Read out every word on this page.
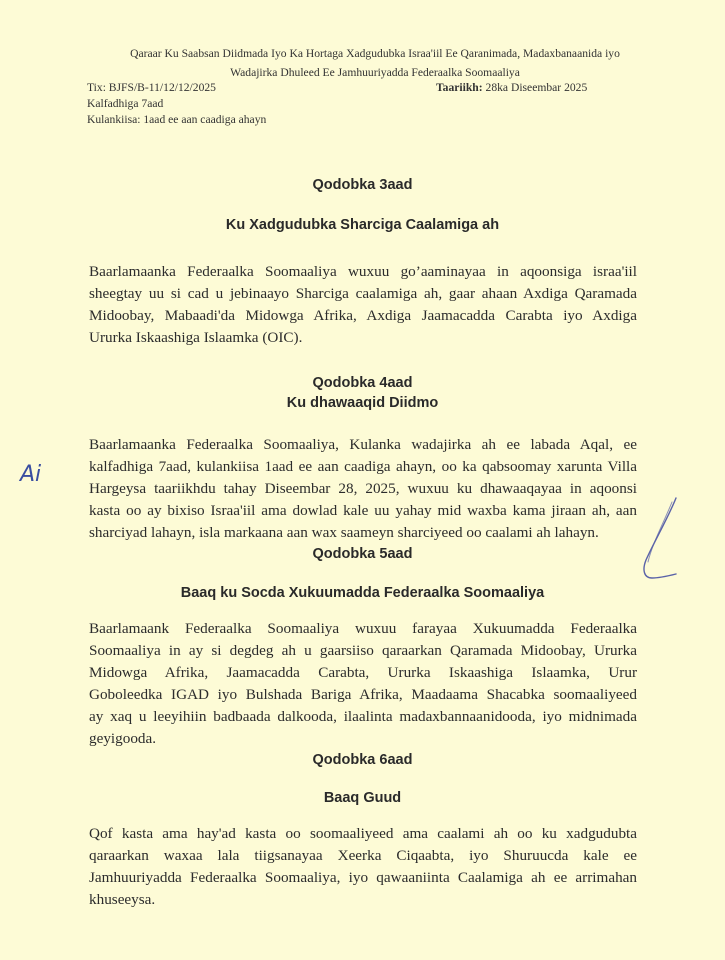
Qaraar Ku Saabsan Diidmada Iyo Ka Hortaga Xadgudubka Israa'iil Ee Qaranimada, Madaxbanaanida iyo
Wadajirka Dhuleed Ee Jamhuuriyadda Federaalka Soomaaliya
Tix: BJFS/B-11/12/12/2025	Taariikh: 28ka Diseembar 2025
Kalfadhiga 7aad
Kulankiisa: 1aad ee aan caadiga ahayn
Qodobka 3aad
Ku Xadgudubka Sharciga Caalamiga ah
Baarlamaanka Federaalka Soomaaliya wuxuu go’aaminayaa in aqoonsiga israa'iil
sheegtay uu si cad u jebinaayo Sharciga caalamiga ah, gaar ahaan Axdiga Qaramada
Midoobay, Mabaadi'da Midowga Afrika, Axdiga Jaamacadda Carabta iyo Axdiga
Ururka Iskaashiga Islaamka (OIC).
Qodobka 4aad
Ku dhawaaqid Diidmo
Baarlamaanka Federaalka Soomaaliya, Kulanka wadajirka ah ee labada Aqal, ee
kalfadhiga 7aad, kulankiisa 1aad ee aan caadiga ahayn, oo ka qabsoomay xarunta Villa
Hargeysa taariikhdu tahay Diseembar 28, 2025, wuxuu ku dhawaaqayaa in aqoonsi
kasta oo ay bixiso Israa'iil ama dowlad kale uu yahay mid waxba kama jiraan ah, aan
sharciyad lahayn, isla markaana aan wax saameyn sharciyeed oo caalami ah lahayn.
Qodobka 5aad
Baaq ku Socda Xukuumadda Federaalka Soomaaliya
Baarlamaank Federaalka Soomaaliya wuxuu farayaa Xukuumadda Federaalka
Soomaaliya in ay si degdeg ah u gaarsiiso qaraarkan Qaramada Midoobay, Ururka
Midowga Afrika, Jaamacadda Carabta, Ururka Iskaashiga Islaamka, Urur
Goboleedka IGAD iyo Bulshada Bariga Afrika, Maadaama Shacabka soomaaliyeed
ay xaq u leeyihiin badbaada dalkooda, ilaalinta madaxbannaanidooda, iyo midnimada
geyigooda.
Qodobka 6aad
Baaq Guud
Qof kasta ama hay'ad kasta oo soomaaliyeed ama caalami ah oo ku xadgudubta
qaraarkan waxaa lala tiigsanayaa Xeerka Ciqaabta, iyo Shuruucda kale ee
Jamhuuriyadda Federaalka Soomaaliya, iyo qawaaniinta Caalamiga ah ee arrimahan
khuseeysa.
Ai
